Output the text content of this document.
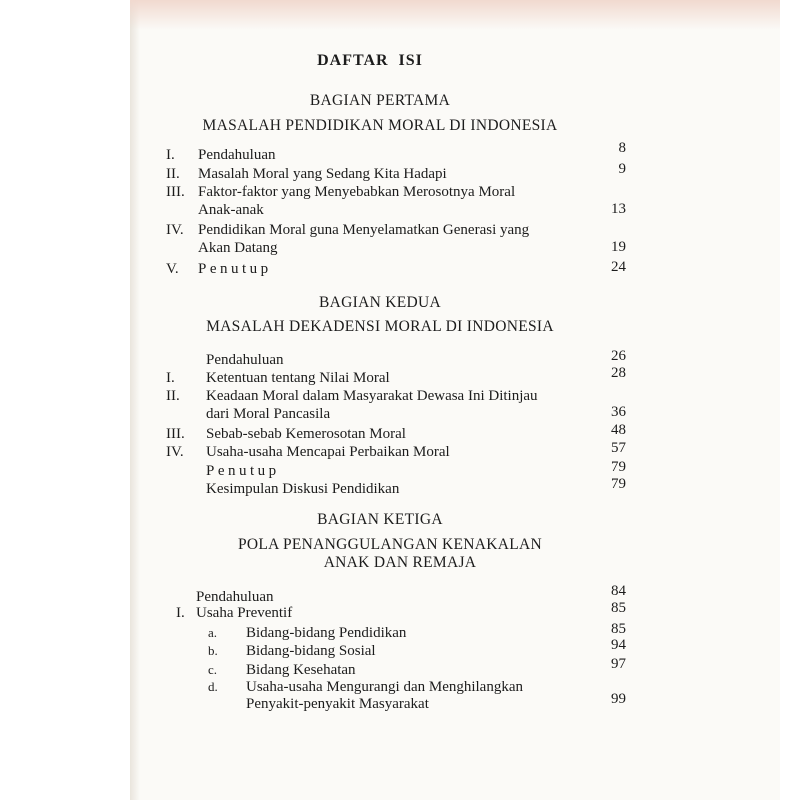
DAFTAR  ISI
BAGIAN PERTAMA
MASALAH PENDIDIKAN MORAL DI INDONESIA
I. Pendahuluan	8
II. Masalah Moral yang Sedang Kita Hadapi	9
III. Faktor-faktor yang Menyebabkan Merosotnya Moral
Anak-anak	13
IV. Pendidikan Moral guna Menyelamatkan Generasi yang
Akan Datang	19
V. Penutup	24
BAGIAN KEDUA
MASALAH DEKADENSI MORAL DI INDONESIA
Pendahuluan	26
I. Ketentuan tentang Nilai Moral	28
II. Keadaan Moral dalam Masyarakat Dewasa Ini Ditinjau
dari Moral Pancasila	36
III. Sebab-sebab Kemerosotan Moral	48
IV. Usaha-usaha Mencapai Perbaikan Moral	57
Penutup	79
Kesimpulan Diskusi Pendidikan	79
BAGIAN KETIGA
POLA PENANGGULANGAN KENAKALAN
ANAK DAN REMAJA
Pendahuluan	84
I. Usaha Preventif	85
a. Bidang-bidang Pendidikan	85
b. Bidang-bidang Sosial	94
c. Bidang Kesehatan	97
d. Usaha-usaha Mengurangi dan Menghilangkan
Penyakit-penyakit Masyarakat	99
